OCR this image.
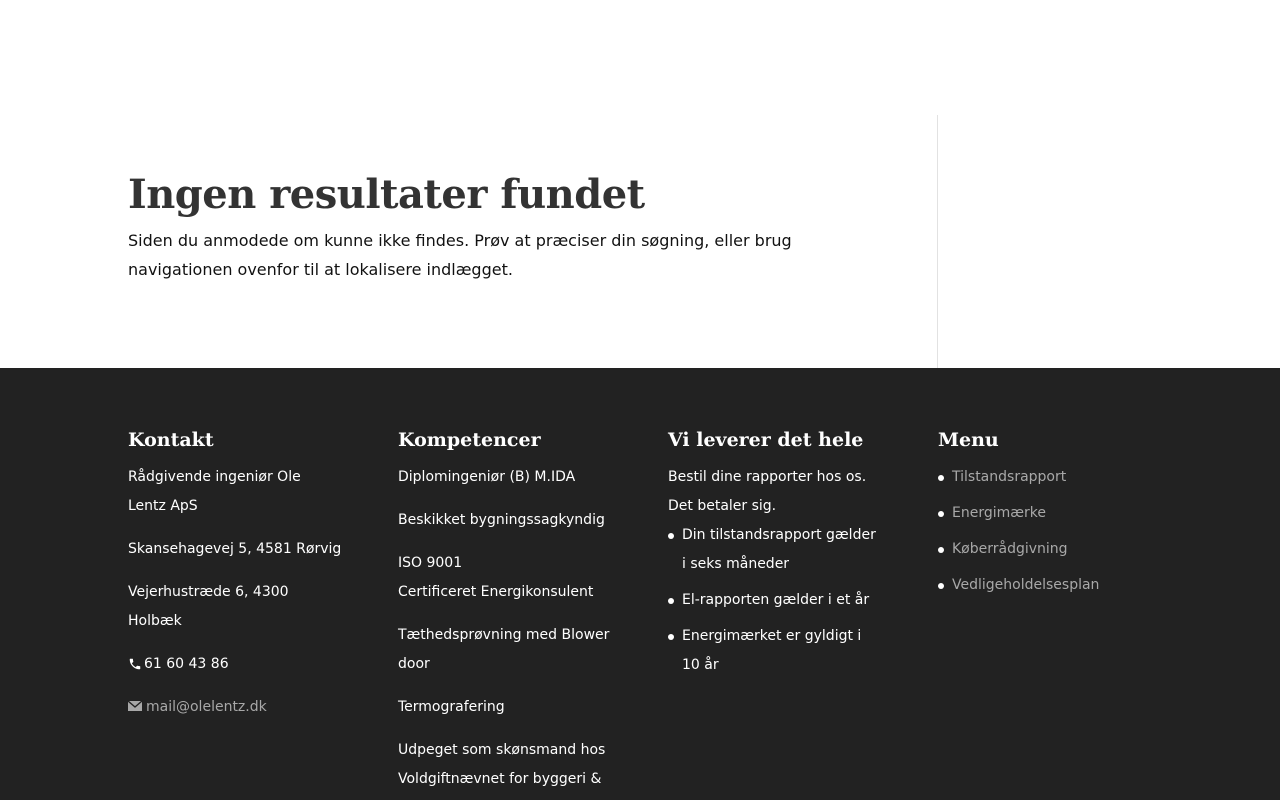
Ingen resultater fundet

Siden du anmodede om kunne ikke findes. Prøv at præciser din søgning, eller brug navigationen ovenfor til at lokalisere indlægget.

Kontakt

Rådgivende ingeniør Ole Lentz ApS

Skansehagevej 5, 4581 Rørvig

Vejerhustræde 6, 4300 Holbæk

61 60 43 86

mail@olelentz.dk

Kompetencer

Diplomingeniør (B) M.IDA

Beskikket bygningssagkyndig

ISO 9001

Certificeret Energikonsulent

Tæthedsprøvning med Blower door

Termografering

Udpeget som skønsmand hos Voldgiftnævnet for byggeri &

Vi leverer det hele

Bestil dine rapporter hos os. Det betaler sig.

Din tilstandsrapport gælder i seks måneder
El-rapporten gælder i et år
Energimærket er gyldigt i 10 år
Menu
Tilstandsrapport
Energimærke
Køberrådgivning
Vedligeholdelsesplan
